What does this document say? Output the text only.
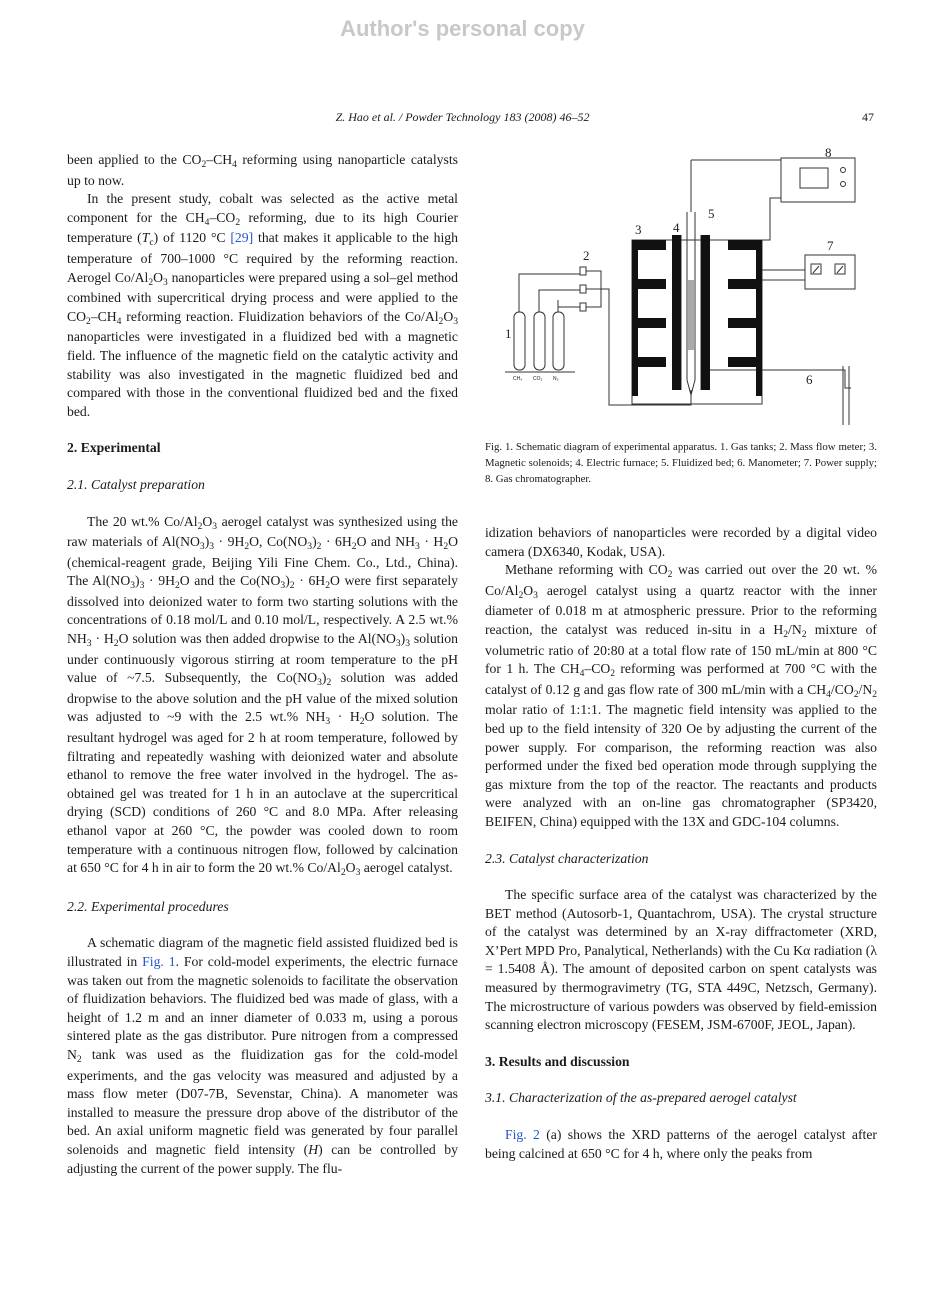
Author's personal copy
Z. Hao et al. / Powder Technology 183 (2008) 46–52	47

been applied to the $CO_2-CH_4$ reforming using nanoparticle catalysts up to now.

In the present study, cobalt was selected as the active metal component for the $CH_4-CO_2$ reforming, due to its high Courier temperature $(T_c)$ of 1120 °C [29] that makes it applicable to the high temperature of 700–1000 °C required by the reforming reaction. Aerogel $Co/Al_2O_3$ nanoparticles were prepared using a sol–gel method combined with supercritical drying process and were applied to the $CO_2-CH_4$ reforming reaction. Fluidization behaviors of the $Co/Al_2O_3$ nanoparticles were investigated in a fluidized bed with a magnetic field. The influence of the magnetic field on the catalytic activity and stability was also investigated in the magnetic fluidized bed and compared with those in the conventional fluidized bed and the fixed bed.

2. Experimental

2.1. Catalyst preparation

The 20 wt.% $Co/Al_2O_3$ aerogel catalyst was synthesized using the raw materials of $Al(NO_3)_3 \cdot 9H_2O$, $Co(NO_3)_2 \cdot 6H_2O$ and $NH_3 \cdot H_2O$ (chemical-reagent grade, Beijing Yili Fine Chem. Co., Ltd., China). The $Al(NO_3)_3 \cdot 9H_2O$ and the $Co(NO_3)_2 \cdot 6H_2O$ were first separately dissolved into deionized water to form two starting solutions with the concentrations of 0.18 mol/L and 0.10 mol/L, respectively. A 2.5 wt.% $NH_3 \cdot H_2O$ solution was then added dropwise to the $Al(NO_3)_3$ solution under continuously vigorous stirring at room temperature to the pH value of ~7.5. Subsequently, the $Co(NO_3)_2$ solution was added dropwise to the above solution and the pH value of the mixed solution was adjusted to ~9 with the 2.5 wt.% $NH_3 \cdot H_2O$ solution. The resultant hydrogel was aged for 2 h at room temperature, followed by filtrating and repeatedly washing with deionized water and absolute ethanol to remove the free water involved in the hydrogel. The as-obtained gel was treated for 1 h in an autoclave at the supercritical drying (SCD) conditions of 260 °C and 8.0 MPa. After releasing ethanol vapor at 260 °C, the powder was cooled down to room temperature with a continuous nitrogen flow, followed by calcination at 650 °C for 4 h in air to form the 20 wt.% $Co/Al_2O_3$ aerogel catalyst.

2.2. Experimental procedures

A schematic diagram of the magnetic field assisted fluidized bed is illustrated in Fig. 1. For cold-model experiments, the electric furnace was taken out from the magnetic solenoids to facilitate the observation of fluidization behaviors. The fluidized bed was made of glass, with a height of 1.2 m and an inner diameter of 0.033 m, using a porous sintered plate as the gas distributor. Pure nitrogen from a compressed $N_2$ tank was used as the fluidization gas for the cold-model experiments, and the gas velocity was measured and adjusted by a mass flow meter (D07-7B, Sevenstar, China). A manometer was installed to measure the pressure drop above of the distributor of the bed. An axial uniform magnetic field was generated by four parallel solenoids and magnetic field intensity (H) can be controlled by adjusting the current of the power supply. The flu-

8
5
3 4
2
7
1
6
CH₄ CO₂ N₂
Fig. 1. Schematic diagram of experimental apparatus. 1. Gas tanks; 2. Mass flow meter; 3. Magnetic solenoids; 4. Electric furnace; 5. Fluidized bed; 6. Manometer; 7. Power supply; 8. Gas chromatographer.

idization behaviors of nanoparticles were recorded by a digital video camera (DX6340, Kodak, USA).

Methane reforming with $CO_2$ was carried out over the 20 wt. % $Co/Al_2O_3$ aerogel catalyst using a quartz reactor with the inner diameter of 0.018 m at atmospheric pressure. Prior to the reforming reaction, the catalyst was reduced in-situ in a $H_2/N_2$ mixture of volumetric ratio of 20:80 at a total flow rate of 150 mL/min at 800 °C for 1 h. The $CH_4-CO_2$ reforming was performed at 700 °C with the catalyst of 0.12 g and gas flow rate of 300 mL/min with a $CH_4/CO_2/N_2$ molar ratio of 1:1:1. The magnetic field intensity was applied to the bed up to the field intensity of 320 Oe by adjusting the current of the power supply. For comparison, the reforming reaction was also performed under the fixed bed operation mode through supplying the gas mixture from the top of the reactor. The reactants and products were analyzed with an on-line gas chromatographer (SP3420, BEIFEN, China) equipped with the 13X and GDC-104 columns.

2.3. Catalyst characterization

The specific surface area of the catalyst was characterized by the BET method (Autosorb-1, Quantachrom, USA). The crystal structure of the catalyst was determined by an X-ray diffractometer (XRD, X’Pert MPD Pro, Panalytical, Netherlands) with the Cu Kα radiation (λ = 1.5408 Å). The amount of deposited carbon on spent catalysts was measured by thermogravimetry (TG, STA 449C, Netzsch, Germany). The microstructure of various powders was observed by field-emission scanning electron microscopy (FESEM, JSM-6700F, JEOL, Japan).

3. Results and discussion

3.1. Characterization of the as-prepared aerogel catalyst

Fig. 2 (a) shows the XRD patterns of the aerogel catalyst after being calcined at 650 °C for 4 h, where only the peaks from
